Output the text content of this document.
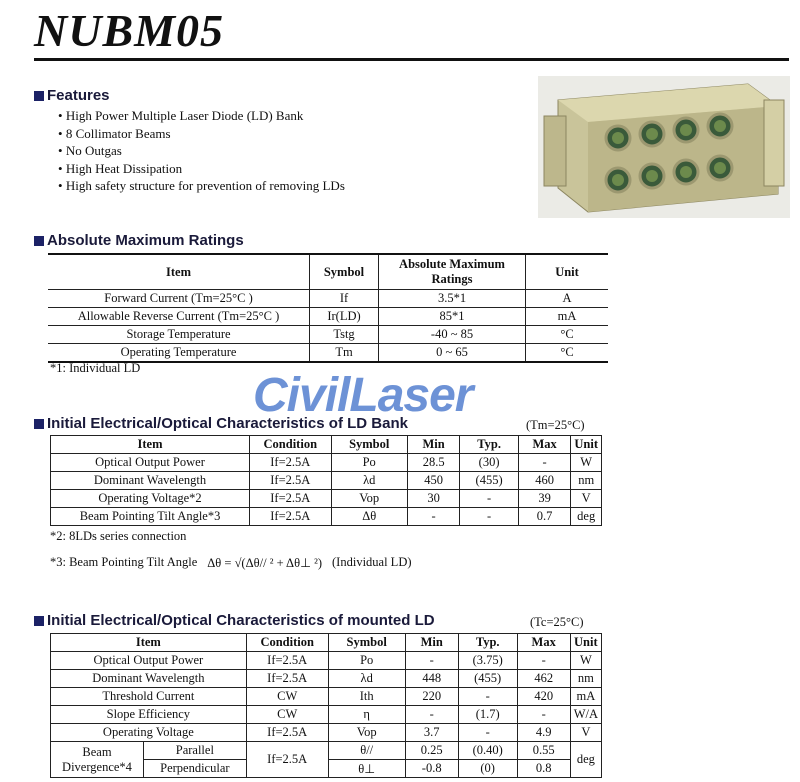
NUBM05
Features
• High Power Multiple Laser Diode (LD) Bank
• 8 Collimator Beams
• No Outgas
• High Heat Dissipation
• High safety structure for prevention of removing LDs
Absolute Maximum Ratings
Item	Symbol	Absolute Maximum Ratings	Unit
Forward Current (Tm=25°C )	If	3.5*1	A
Allowable Reverse Current (Tm=25°C )	Ir(LD)	85*1	mA
Storage Temperature	Tstg	-40 ~ 85	°C
Operating Temperature	Tm	0 ~ 65	°C
*1: Individual LD
CivilLaser
Initial Electrical/Optical Characteristics of LD Bank	(Tm=25°C)
Item	Condition	Symbol	Min	Typ.	Max	Unit
Optical Output Power	If=2.5A	Po	28.5	(30)	-	W
Dominant Wavelength	If=2.5A	λd	450	(455)	460	nm
Operating Voltage*2	If=2.5A	Vop	30	-	39	V
Beam Pointing Tilt Angle*3	If=2.5A	Δθ	-	-	0.7	deg
*2: 8LDs series connection
*3: Beam Pointing Tilt Angle Δθ = √(Δθ// ² + Δθ⊥ ²) (Individual LD)
Initial Electrical/Optical Characteristics of mounted LD	(Tc=25°C)
Item		Condition	Symbol	Min	Typ.	Max	Unit
Optical Output Power		If=2.5A	Po	-	(3.75)	-	W
Dominant Wavelength		If=2.5A	λd	448	(455)	462	nm
Threshold Current		CW	Ith	220	-	420	mA
Slope Efficiency		CW	η	-	(1.7)	-	W/A
Operating Voltage		If=2.5A	Vop	3.7	-	4.9	V
Beam Divergence*4	Parallel	If=2.5A	θ//	0.25	(0.40)	0.55	deg
	Perpendicular		θ⊥	-0.8	(0)	0.8	
